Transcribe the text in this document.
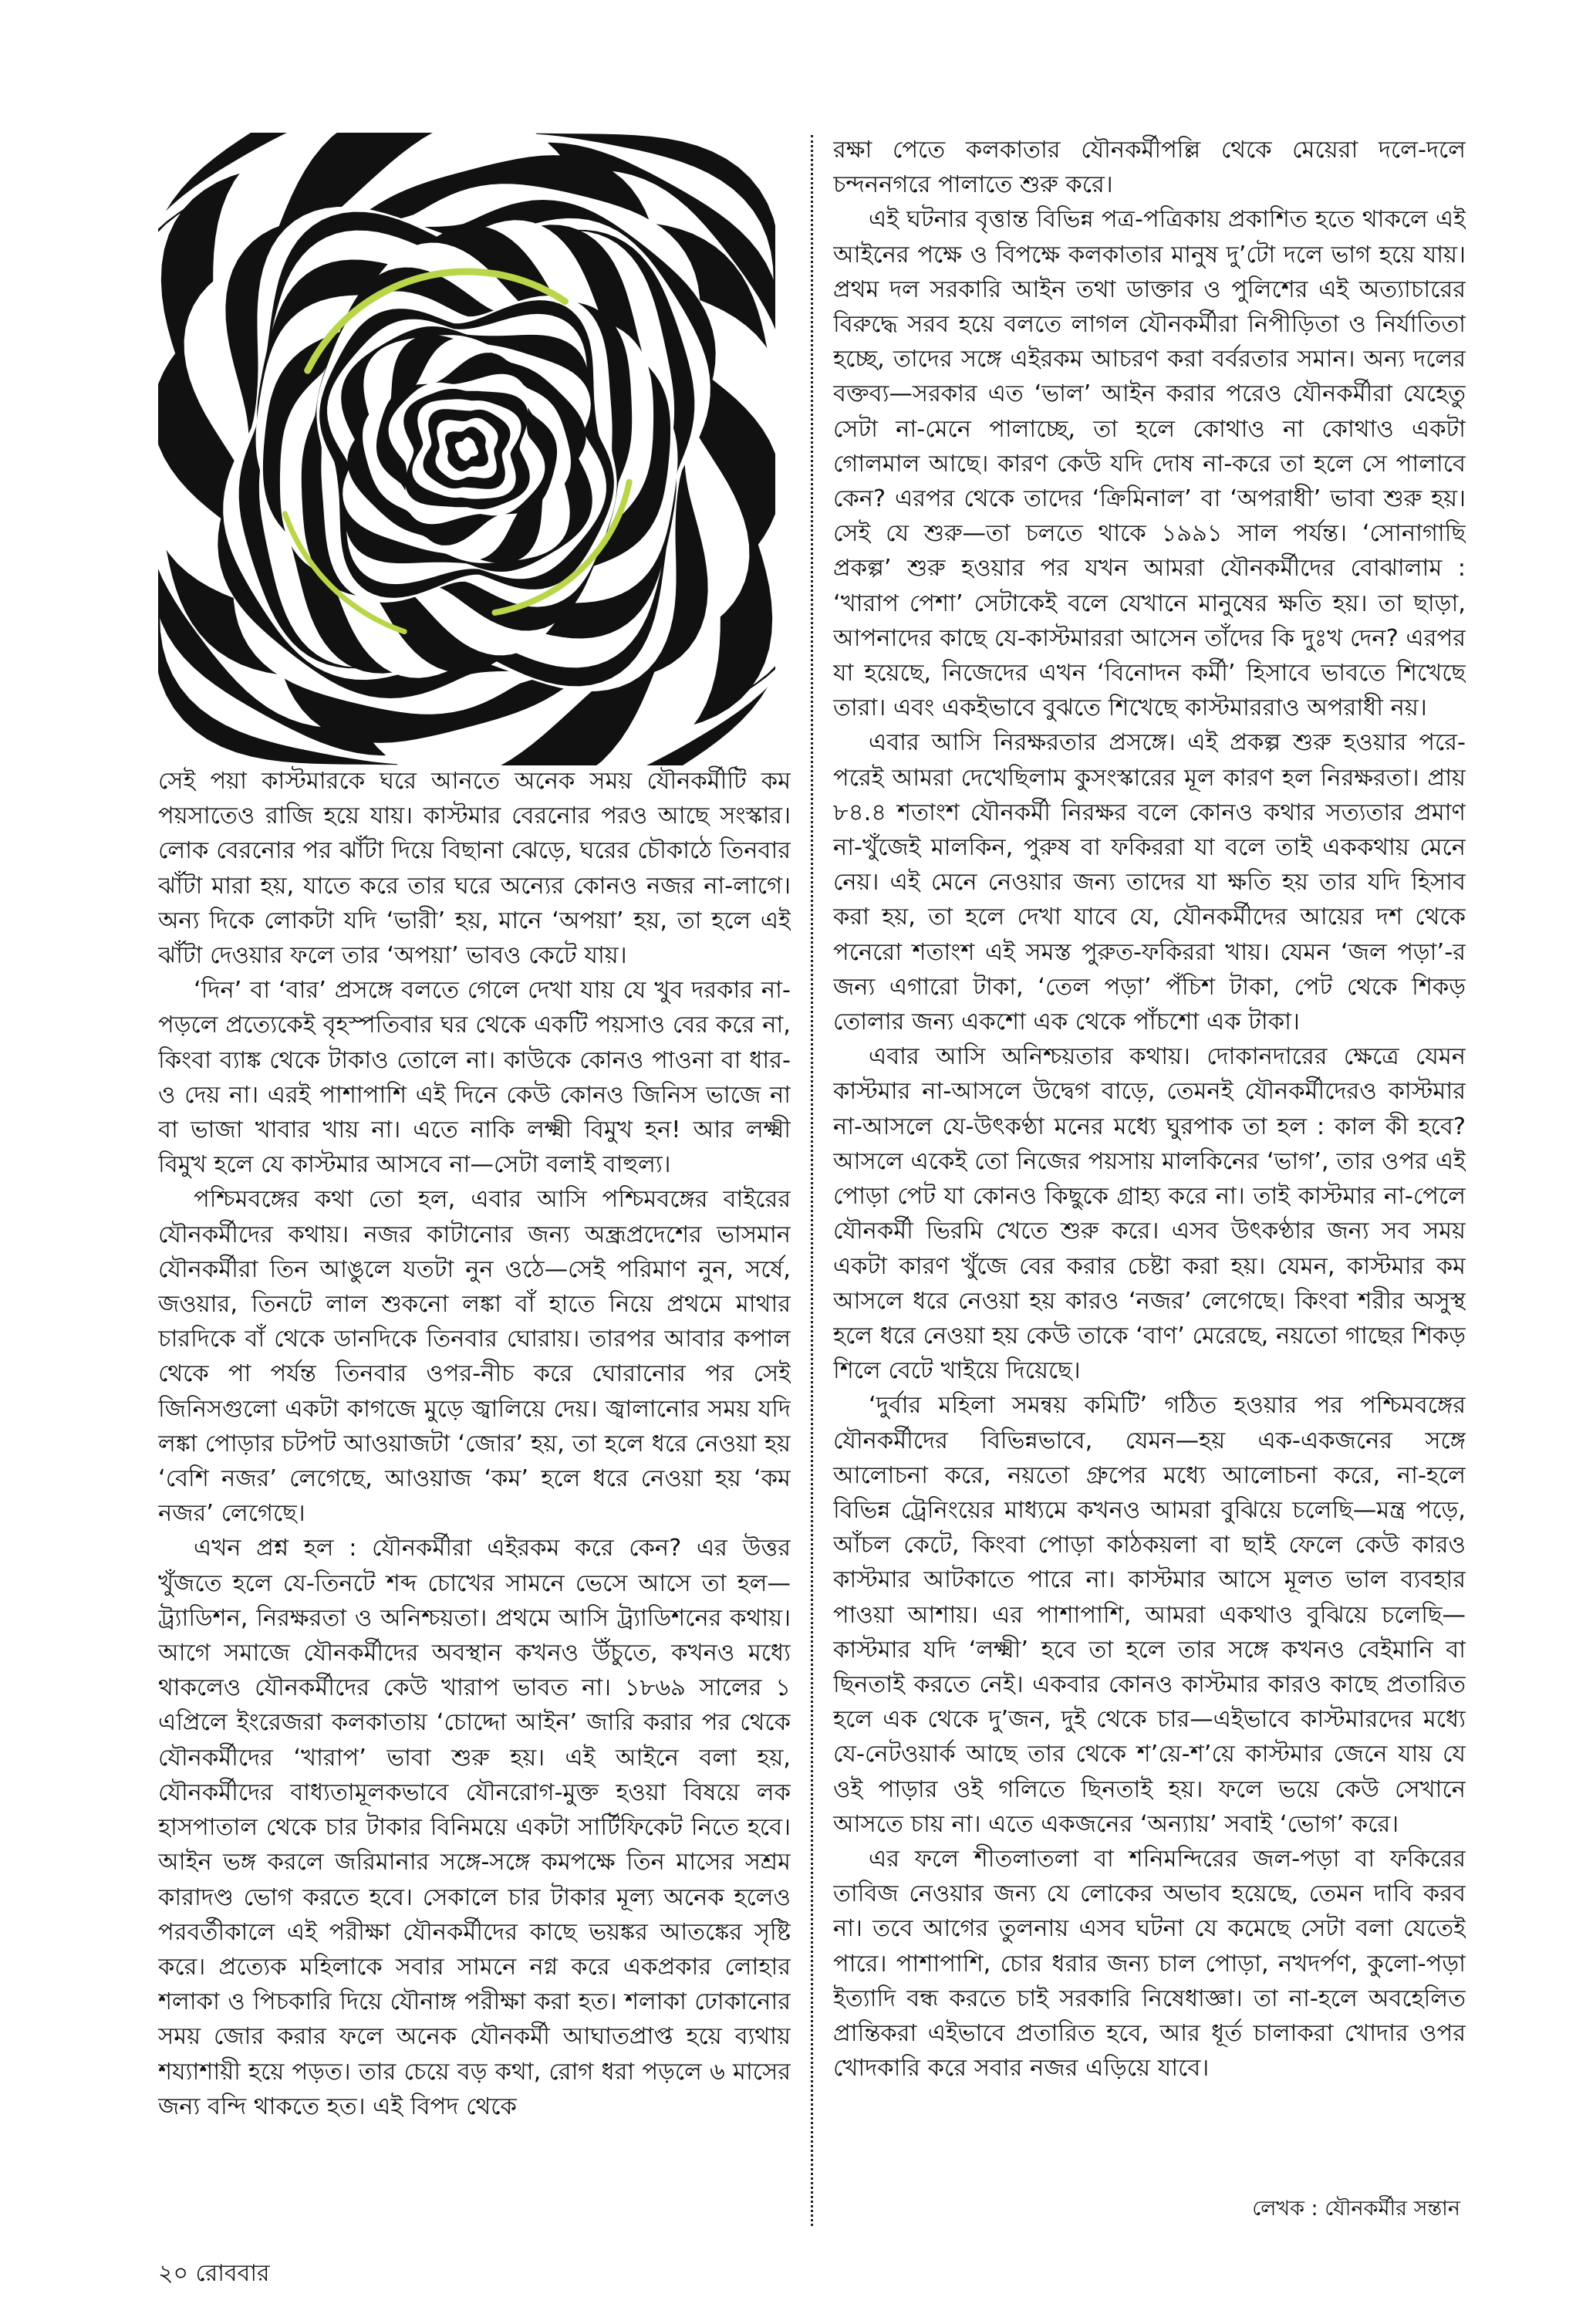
সেই পয়া কাস্টমারকে ঘরে আনতে অনেক সময় যৌনকর্মীটি কম পয়সাতেও রাজি হয়ে যায়। কাস্টমার বেরনোর পরও আছে সংস্কার। লোক বেরনোর পর ঝাঁটা দিয়ে বিছানা ঝেড়ে, ঘরের চৌকাঠে তিনবার ঝাঁটা মারা হয়, যাতে করে তার ঘরে অন্যের কোনও নজর না-লাগে। অন্য দিকে লোকটা যদি ‘ভারী’ হয়, মানে ‘অপয়া’ হয়, তা হলে এই ঝাঁটা দেওয়ার ফলে তার ‘অপয়া’ ভাবও কেটে যায়।

‘দিন’ বা ‘বার’ প্রসঙ্গে বলতে গেলে দেখা যায় যে খুব দরকার না-পড়লে প্রত্যেকেই বৃহস্পতিবার ঘর থেকে একটি পয়সাও বের করে না, কিংবা ব্যাঙ্ক থেকে টাকাও তোলে না। কাউকে কোনও পাওনা বা ধার-ও দেয় না। এরই পাশাপাশি এই দিনে কেউ কোনও জিনিস ভাজে না বা ভাজা খাবার খায় না। এতে নাকি লক্ষ্মী বিমুখ হন! আর লক্ষ্মী বিমুখ হলে যে কাস্টমার আসবে না—সেটা বলাই বাহুল্য।

পশ্চিমবঙ্গের কথা তো হল, এবার আসি পশ্চিমবঙ্গের বাইরের যৌনকর্মীদের কথায়। নজর কাটানোর জন্য অন্ধ্রপ্রদেশের ভাসমান যৌনকর্মীরা তিন আঙুলে যতটা নুন ওঠে—সেই পরিমাণ নুন, সর্ষে, জওয়ার, তিনটে লাল শুকনো লঙ্কা বাঁ হাতে নিয়ে প্রথমে মাথার চারদিকে বাঁ থেকে ডানদিকে তিনবার ঘোরায়। তারপর আবার কপাল থেকে পা পর্যন্ত তিনবার ওপর-নীচ করে ঘোরানোর পর সেই জিনিসগুলো একটা কাগজে মুড়ে জ্বালিয়ে দেয়। জ্বালানোর সময় যদি লঙ্কা পোড়ার চটপট আওয়াজটা ‘জোর’ হয়, তা হলে ধরে নেওয়া হয় ‘বেশি নজর’ লেগেছে, আওয়াজ ‘কম’ হলে ধরে নেওয়া হয় ‘কম নজর’ লেগেছে।

এখন প্রশ্ন হল : যৌনকর্মীরা এইরকম করে কেন? এর উত্তর খুঁজতে হলে যে-তিনটে শব্দ চোখের সামনে ভেসে আসে তা হল—ট্র্যাডিশন, নিরক্ষরতা ও অনিশ্চয়তা। প্রথমে আসি ট্র্যাডিশনের কথায়। আগে সমাজে যৌনকর্মীদের অবস্থান কখনও উঁচুতে, কখনও মধ্যে থাকলেও যৌনকর্মীদের কেউ খারাপ ভাবত না। ১৮৬৯ সালের ১ এপ্রিলে ইংরেজরা কলকাতায় ‘চোদ্দো আইন’ জারি করার পর থেকে যৌনকর্মীদের ‘খারাপ’ ভাবা শুরু হয়। এই আইনে বলা হয়, যৌনকর্মীদের বাধ্যতামূলকভাবে যৌনরোগ-মুক্ত হওয়া বিষয়ে লক হাসপাতাল থেকে চার টাকার বিনিময়ে একটা সার্টিফিকেট নিতে হবে। আইন ভঙ্গ করলে জরিমানার সঙ্গে-সঙ্গে কমপক্ষে তিন মাসের সশ্রম কারাদণ্ড ভোগ করতে হবে। সেকালে চার টাকার মূল্য অনেক হলেও পরবর্তীকালে এই পরীক্ষা যৌনকর্মীদের কাছে ভয়ঙ্কর আতঙ্কের সৃষ্টি করে। প্রত্যেক মহিলাকে সবার সামনে নগ্ন করে একপ্রকার লোহার শলাকা ও পিচকারি দিয়ে যৌনাঙ্গ পরীক্ষা করা হত। শলাকা ঢোকানোর সময় জোর করার ফলে অনেক যৌনকর্মী আঘাতপ্রাপ্ত হয়ে ব্যথায় শয্যাশায়ী হয়ে পড়ত। তার চেয়ে বড় কথা, রোগ ধরা পড়লে ৬ মাসের জন্য বন্দি থাকতে হত। এই বিপদ থেকে

রক্ষা পেতে কলকাতার যৌনকর্মীপল্লি থেকে মেয়েরা দলে-দলে চন্দননগরে পালাতে শুরু করে।

এই ঘটনার বৃত্তান্ত বিভিন্ন পত্র-পত্রিকায় প্রকাশিত হতে থাকলে এই আইনের পক্ষে ও বিপক্ষে কলকাতার মানুষ দু’টো দলে ভাগ হয়ে যায়। প্রথম দল সরকারি আইন তথা ডাক্তার ও পুলিশের এই অত্যাচারের বিরুদ্ধে সরব হয়ে বলতে লাগল যৌনকর্মীরা নিপীড়িতা ও নির্যাতিতা হচ্ছে, তাদের সঙ্গে এইরকম আচরণ করা বর্বরতার সমান। অন্য দলের বক্তব্য—সরকার এত ‘ভাল’ আইন করার পরেও যৌনকর্মীরা যেহেতু সেটা না-মেনে পালাচ্ছে, তা হলে কোথাও না কোথাও একটা গোলমাল আছে। কারণ কেউ যদি দোষ না-করে তা হলে সে পালাবে কেন? এরপর থেকে তাদের ‘ক্রিমিনাল’ বা ‘অপরাধী’ ভাবা শুরু হয়। সেই যে শুরু—তা চলতে থাকে ১৯৯১ সাল পর্যন্ত। ‘সোনাগাছি প্রকল্প’ শুরু হওয়ার পর যখন আমরা যৌনকর্মীদের বোঝালাম : ‘খারাপ পেশা’ সেটাকেই বলে যেখানে মানুষের ক্ষতি হয়। তা ছাড়া, আপনাদের কাছে যে-কাস্টমাররা আসেন তাঁদের কি দুঃখ দেন? এরপর যা হয়েছে, নিজেদের এখন ‘বিনোদন কর্মী’ হিসাবে ভাবতে শিখেছে তারা। এবং একইভাবে বুঝতে শিখেছে কাস্টমাররাও অপরাধী নয়।

এবার আসি নিরক্ষরতার প্রসঙ্গে। এই প্রকল্প শুরু হওয়ার পরে-পরেই আমরা দেখেছিলাম কুসংস্কারের মূল কারণ হল নিরক্ষরতা। প্রায় ৮৪.৪ শতাংশ যৌনকর্মী নিরক্ষর বলে কোনও কথার সত্যতার প্রমাণ না-খুঁজেই মালকিন, পুরুষ বা ফকিররা যা বলে তাই এককথায় মেনে নেয়। এই মেনে নেওয়ার জন্য তাদের যা ক্ষতি হয় তার যদি হিসাব করা হয়, তা হলে দেখা যাবে যে, যৌনকর্মীদের আয়ের দশ থেকে পনেরো শতাংশ এই সমস্ত পুরুত-ফকিররা খায়। যেমন ‘জল পড়া’-র জন্য এগারো টাকা, ‘তেল পড়া’ পঁচিশ টাকা, পেট থেকে শিকড় তোলার জন্য একশো এক থেকে পাঁচশো এক টাকা।

এবার আসি অনিশ্চয়তার কথায়। দোকানদারের ক্ষেত্রে যেমন কাস্টমার না-আসলে উদ্বেগ বাড়ে, তেমনই যৌনকর্মীদেরও কাস্টমার না-আসলে যে-উৎকণ্ঠা মনের মধ্যে ঘুরপাক তা হল : কাল কী হবে? আসলে একেই তো নিজের পয়সায় মালকিনের ‘ভাগ’, তার ওপর এই পোড়া পেট যা কোনও কিছুকে গ্রাহ্য করে না। তাই কাস্টমার না-পেলে যৌনকর্মী ভিরমি খেতে শুরু করে। এসব উৎকণ্ঠার জন্য সব সময় একটা কারণ খুঁজে বের করার চেষ্টা করা হয়। যেমন, কাস্টমার কম আসলে ধরে নেওয়া হয় কারও ‘নজর’ লেগেছে। কিংবা শরীর অসুস্থ হলে ধরে নেওয়া হয় কেউ তাকে ‘বাণ’ মেরেছে, নয়তো গাছের শিকড় শিলে বেটে খাইয়ে দিয়েছে।

‘দুর্বার মহিলা সমন্বয় কমিটি’ গঠিত হওয়ার পর পশ্চিমবঙ্গের যৌনকর্মীদের বিভিন্নভাবে, যেমন—হয় এক-একজনের সঙ্গে আলোচনা করে, নয়তো গ্রুপের মধ্যে আলোচনা করে, না-হলে বিভিন্ন ট্রেনিংয়ের মাধ্যমে কখনও আমরা বুঝিয়ে চলেছি—মন্ত্র পড়ে, আঁচল কেটে, কিংবা পোড়া কাঠকয়লা বা ছাই ফেলে কেউ কারও কাস্টমার আটকাতে পারে না। কাস্টমার আসে মূলত ভাল ব্যবহার পাওয়া আশায়। এর পাশাপাশি, আমরা একথাও বুঝিয়ে চলেছি—কাস্টমার যদি ‘লক্ষ্মী’ হবে তা হলে তার সঙ্গে কখনও বেইমানি বা ছিনতাই করতে নেই। একবার কোনও কাস্টমার কারও কাছে প্রতারিত হলে এক থেকে দু’জন, দুই থেকে চার—এইভাবে কাস্টমারদের মধ্যে যে-নেটওয়ার্ক আছে তার থেকে শ’য়ে-শ’য়ে কাস্টমার জেনে যায় যে ওই পাড়ার ওই গলিতে ছিনতাই হয়। ফলে ভয়ে কেউ সেখানে আসতে চায় না। এতে একজনের ‘অন্যায়’ সবাই ‘ভোগ’ করে।

এর ফলে শীতলাতলা বা শনিমন্দিরের জল-পড়া বা ফকিরের তাবিজ নেওয়ার জন্য যে লোকের অভাব হয়েছে, তেমন দাবি করব না। তবে আগের তুলনায় এসব ঘটনা যে কমেছে সেটা বলা যেতেই পারে। পাশাপাশি, চোর ধরার জন্য চাল পোড়া, নখদর্পণ, কুলো-পড়া ইত্যাদি বন্ধ করতে চাই সরকারি নিষেধাজ্ঞা। তা না-হলে অবহেলিত প্রান্তিকরা এইভাবে প্রতারিত হবে, আর ধূর্ত চালাকরা খোদার ওপর খোদকারি করে সবার নজর এড়িয়ে যাবে।

লেখক : যৌনকর্মীর সন্তান
২০ রোববার
